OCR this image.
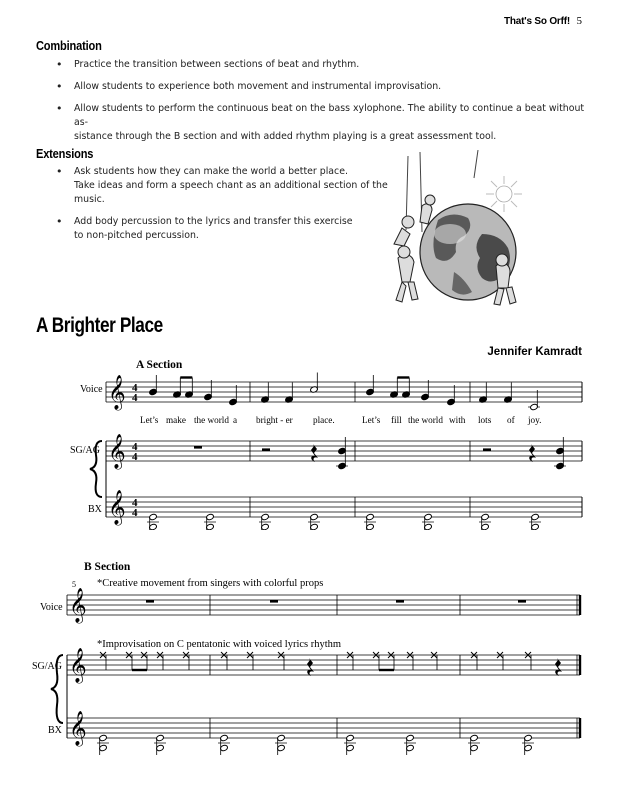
That's So Orff! 5
Combination
• Practice the transition between sections of beat and rhythm.
• Allow students to experience both movement and instrumental improvisation.
• Allow students to perform the continuous beat on the bass xylophone. The ability to continue a beat without as-
sistance through the B section and with added rhythm playing is a great assessment tool.
Extensions
• Ask students how they can make the world a better place.
Take ideas and form a speech chant as an additional section of the music.
• Add body percussion to the lyrics and transfer this exercise
to non-pitched percussion.
A Brighter Place
Jennifer Kamradt
A Section
Voice
SG/AG
BX
𝄞 4
4
𝄞 4
4
𝄞 4
4
Let’s make the world a bright - er place.	Let’s fill the world with lots of joy.
B Section
5 *Creative movement from singers with colorful props
*Improvisation on C pentatonic with voiced lyrics rhythm
Voice
SG/AG
BX
𝄞
𝄞
𝄞
